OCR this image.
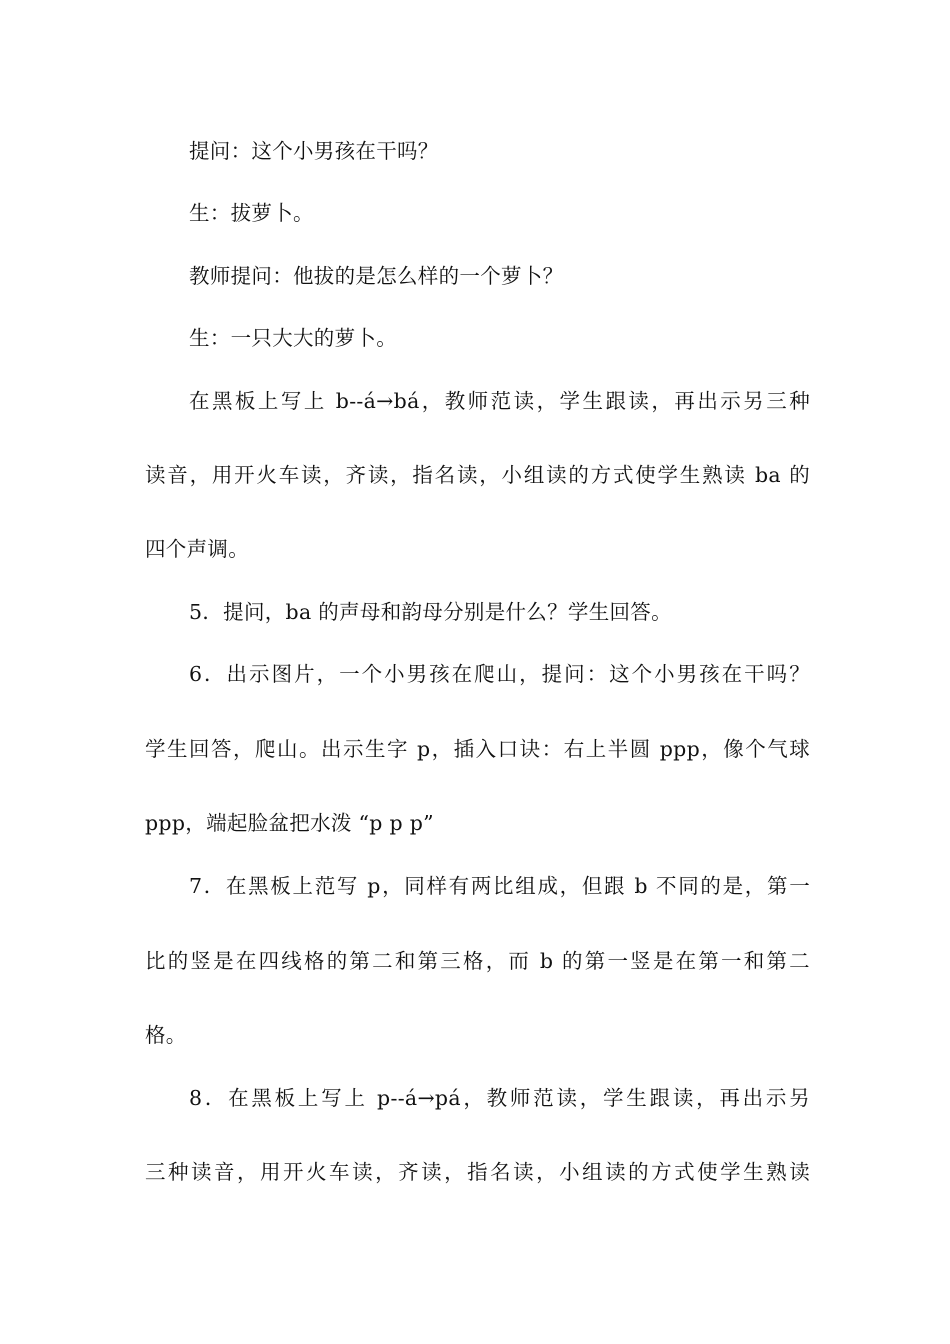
提问：这个小男孩在干吗？
生：拔萝卜。
教师提问：他拔的是怎么样的一个萝卜？
生：一只大大的萝卜。
在黑板上写上 b--á→bá，教师范读，学生跟读，再出示另三种
读音，用开火车读，齐读，指名读，小组读的方式使学生熟读 ba 的
四个声调。
5．提问，ba 的声母和韵母分别是什么？学生回答。
6．出示图片，一个小男孩在爬山，提问：这个小男孩在干吗？
学生回答，爬山。出示生字 p，插入口诀：右上半圆 ppp，像个气球
ppp，端起脸盆把水泼 “p p p”
7．在黑板上范写 p，同样有两比组成，但跟 b 不同的是，第一
比的竖是在四线格的第二和第三格，而 b 的第一竖是在第一和第二
格。
8．在黑板上写上 p--á→pá，教师范读，学生跟读，再出示另
三种读音，用开火车读，齐读，指名读，小组读的方式使学生熟读
